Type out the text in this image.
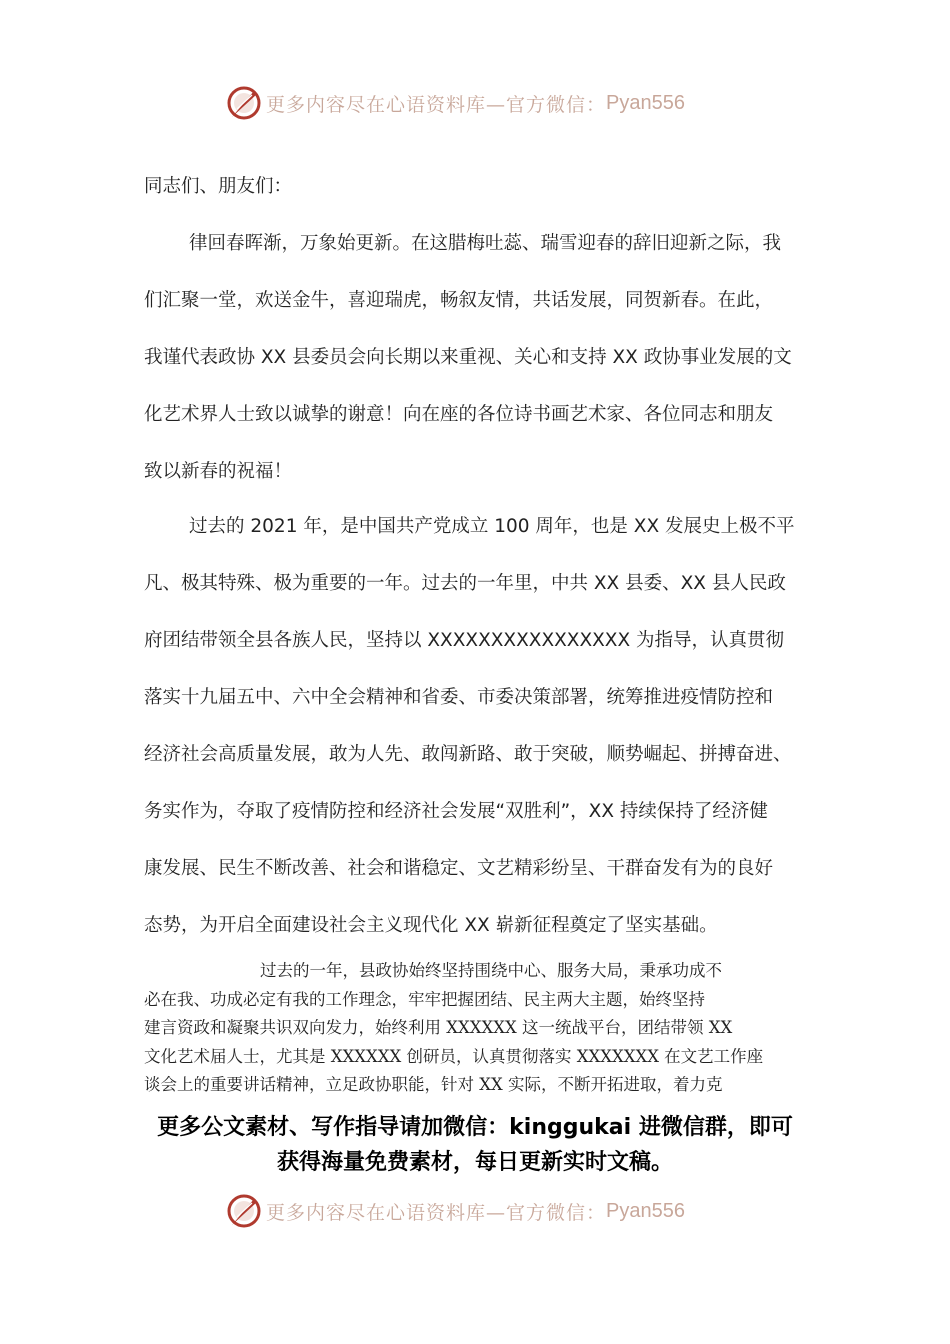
更多内容尽在心语资料库—官方微信： Pyan556
同志们、朋友们：
律回春晖渐，万象始更新。在这腊梅吐蕊、瑞雪迎春的辞旧迎新之际，我
们汇聚一堂，欢送金牛，喜迎瑞虎，畅叙友情，共话发展，同贺新春。在此，
我谨代表政协 XX 县委员会向长期以来重视、关心和支持 XX 政协事业发展的文
化艺术界人士致以诚挚的谢意！向在座的各位诗书画艺术家、各位同志和朋友
致以新春的祝福！
过去的 2021 年，是中国共产党成立 100 周年，也是 XX 发展史上极不平
凡、极其特殊、极为重要的一年。过去的一年里，中共 XX 县委、XX 县人民政
府团结带领全县各族人民，坚持以 XXXXXXXXXXXXXXXX 为指导，认真贯彻
落实十九届五中、六中全会精神和省委、市委决策部署，统筹推进疫情防控和
经济社会高质量发展，敢为人先、敢闯新路、敢于突破，顺势崛起、拼搏奋进、
务实作为，夺取了疫情防控和经济社会发展“双胜利”，XX 持续保持了经济健
康发展、民生不断改善、社会和谐稳定、文艺精彩纷呈、干群奋发有为的良好
态势，为开启全面建设社会主义现代化 XX 崭新征程奠定了坚实基础。
过去的一年，县政协始终坚持围绕中心、服务大局，秉承功成不
必在我、功成必定有我的工作理念，牢牢把握团结、民主两大主题，始终坚持
建言资政和凝聚共识双向发力，始终利用 XXXXXX 这一统战平台，团结带领 XX
文化艺术届人士，尤其是 XXXXXX 创研员，认真贯彻落实 XXXXXXX 在文艺工作座
谈会上的重要讲话精神，立足政协职能，针对 XX 实际，不断开拓进取，着力克
更多公文素材、写作指导请加微信：kinggukai 进微信群，即可
获得海量免费素材，每日更新实时文稿。
更多内容尽在心语资料库—官方微信： Pyan556
